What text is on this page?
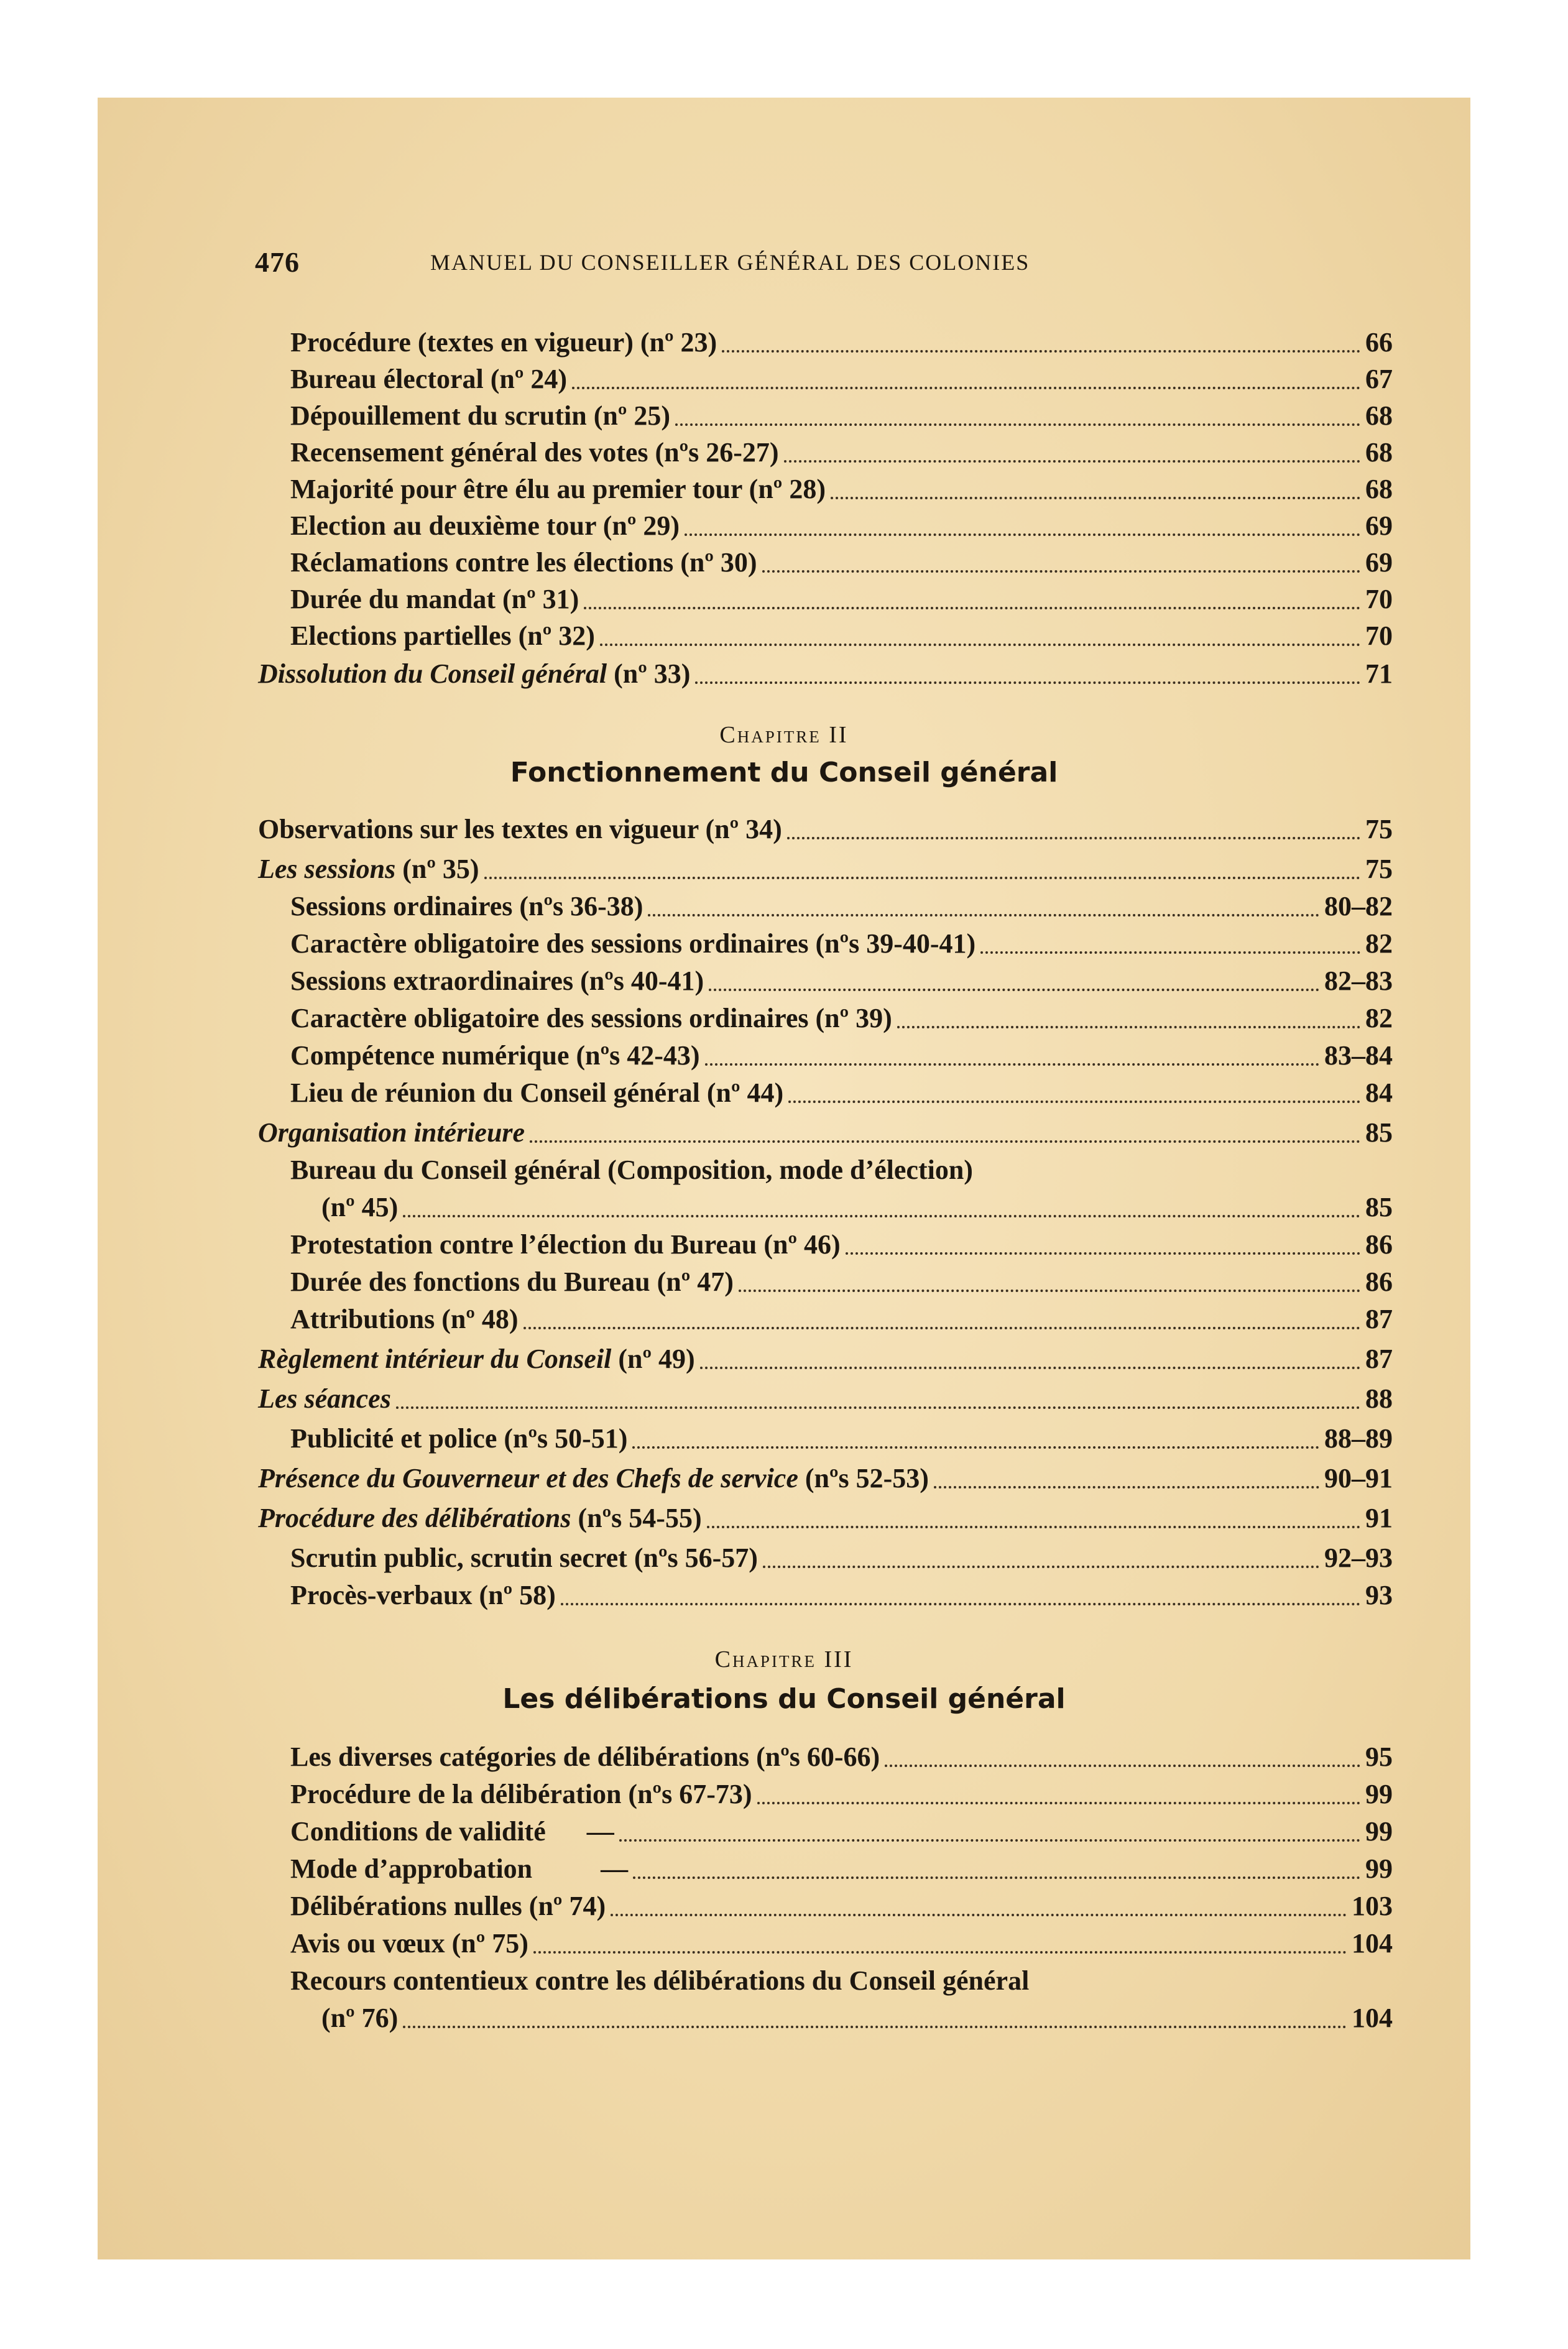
476	MANUEL DU CONSEILLER GÉNÉRAL DES COLONIES
Procédure (textes en vigueur) (nº 23)	66
Bureau électoral (nº 24)	67
Dépouillement du scrutin (nº 25)	68
Recensement général des votes (nºs 26-27)	68
Majorité pour être élu au premier tour (nº 28)	68
Election au deuxième tour (nº 29)	69
Réclamations contre les élections (nº 30)	69
Durée du mandat (nº 31)	70
Elections partielles (nº 32)	70
Dissolution du Conseil général (nº 33)	71
Chapitre II
Fonctionnement du Conseil général
Observations sur les textes en vigueur (nº 34)	75
Les sessions (nº 35)	75
Sessions ordinaires (nºs 36-38)	80–82
Caractère obligatoire des sessions ordinaires (nºs 39-40-41)	82
Sessions extraordinaires (nºs 40-41)	82–83
Caractère obligatoire des sessions ordinaires (nº 39)	82
Compétence numérique (nºs 42-43)	83–84
Lieu de réunion du Conseil général (nº 44)	84
Organisation intérieure	85
Bureau du Conseil général (Composition, mode d’élection)
(nº 45)	85
Protestation contre l’élection du Bureau (nº 46)	86
Durée des fonctions du Bureau (nº 47)	86
Attributions (nº 48)	87
Règlement intérieur du Conseil (nº 49)	87
Les séances	88
Publicité et police (nºs 50-51)	88–89
Présence du Gouverneur et des Chefs de service (nºs 52-53)	90–91
Procédure des délibérations (nºs 54-55)	91
Scrutin public, scrutin secret (nºs 56-57)	92–93
Procès-verbaux (nº 58)	93
Chapitre III
Les délibérations du Conseil général
Les diverses catégories de délibérations (nºs 60-66)	95
Procédure de la délibération (nºs 67-73)	99
Conditions de validité      —	99
Mode d’approbation          —	99
Délibérations nulles (nº 74)	103
Avis ou vœux (nº 75)	104
Recours contentieux contre les délibérations du Conseil général
(nº 76)	104
